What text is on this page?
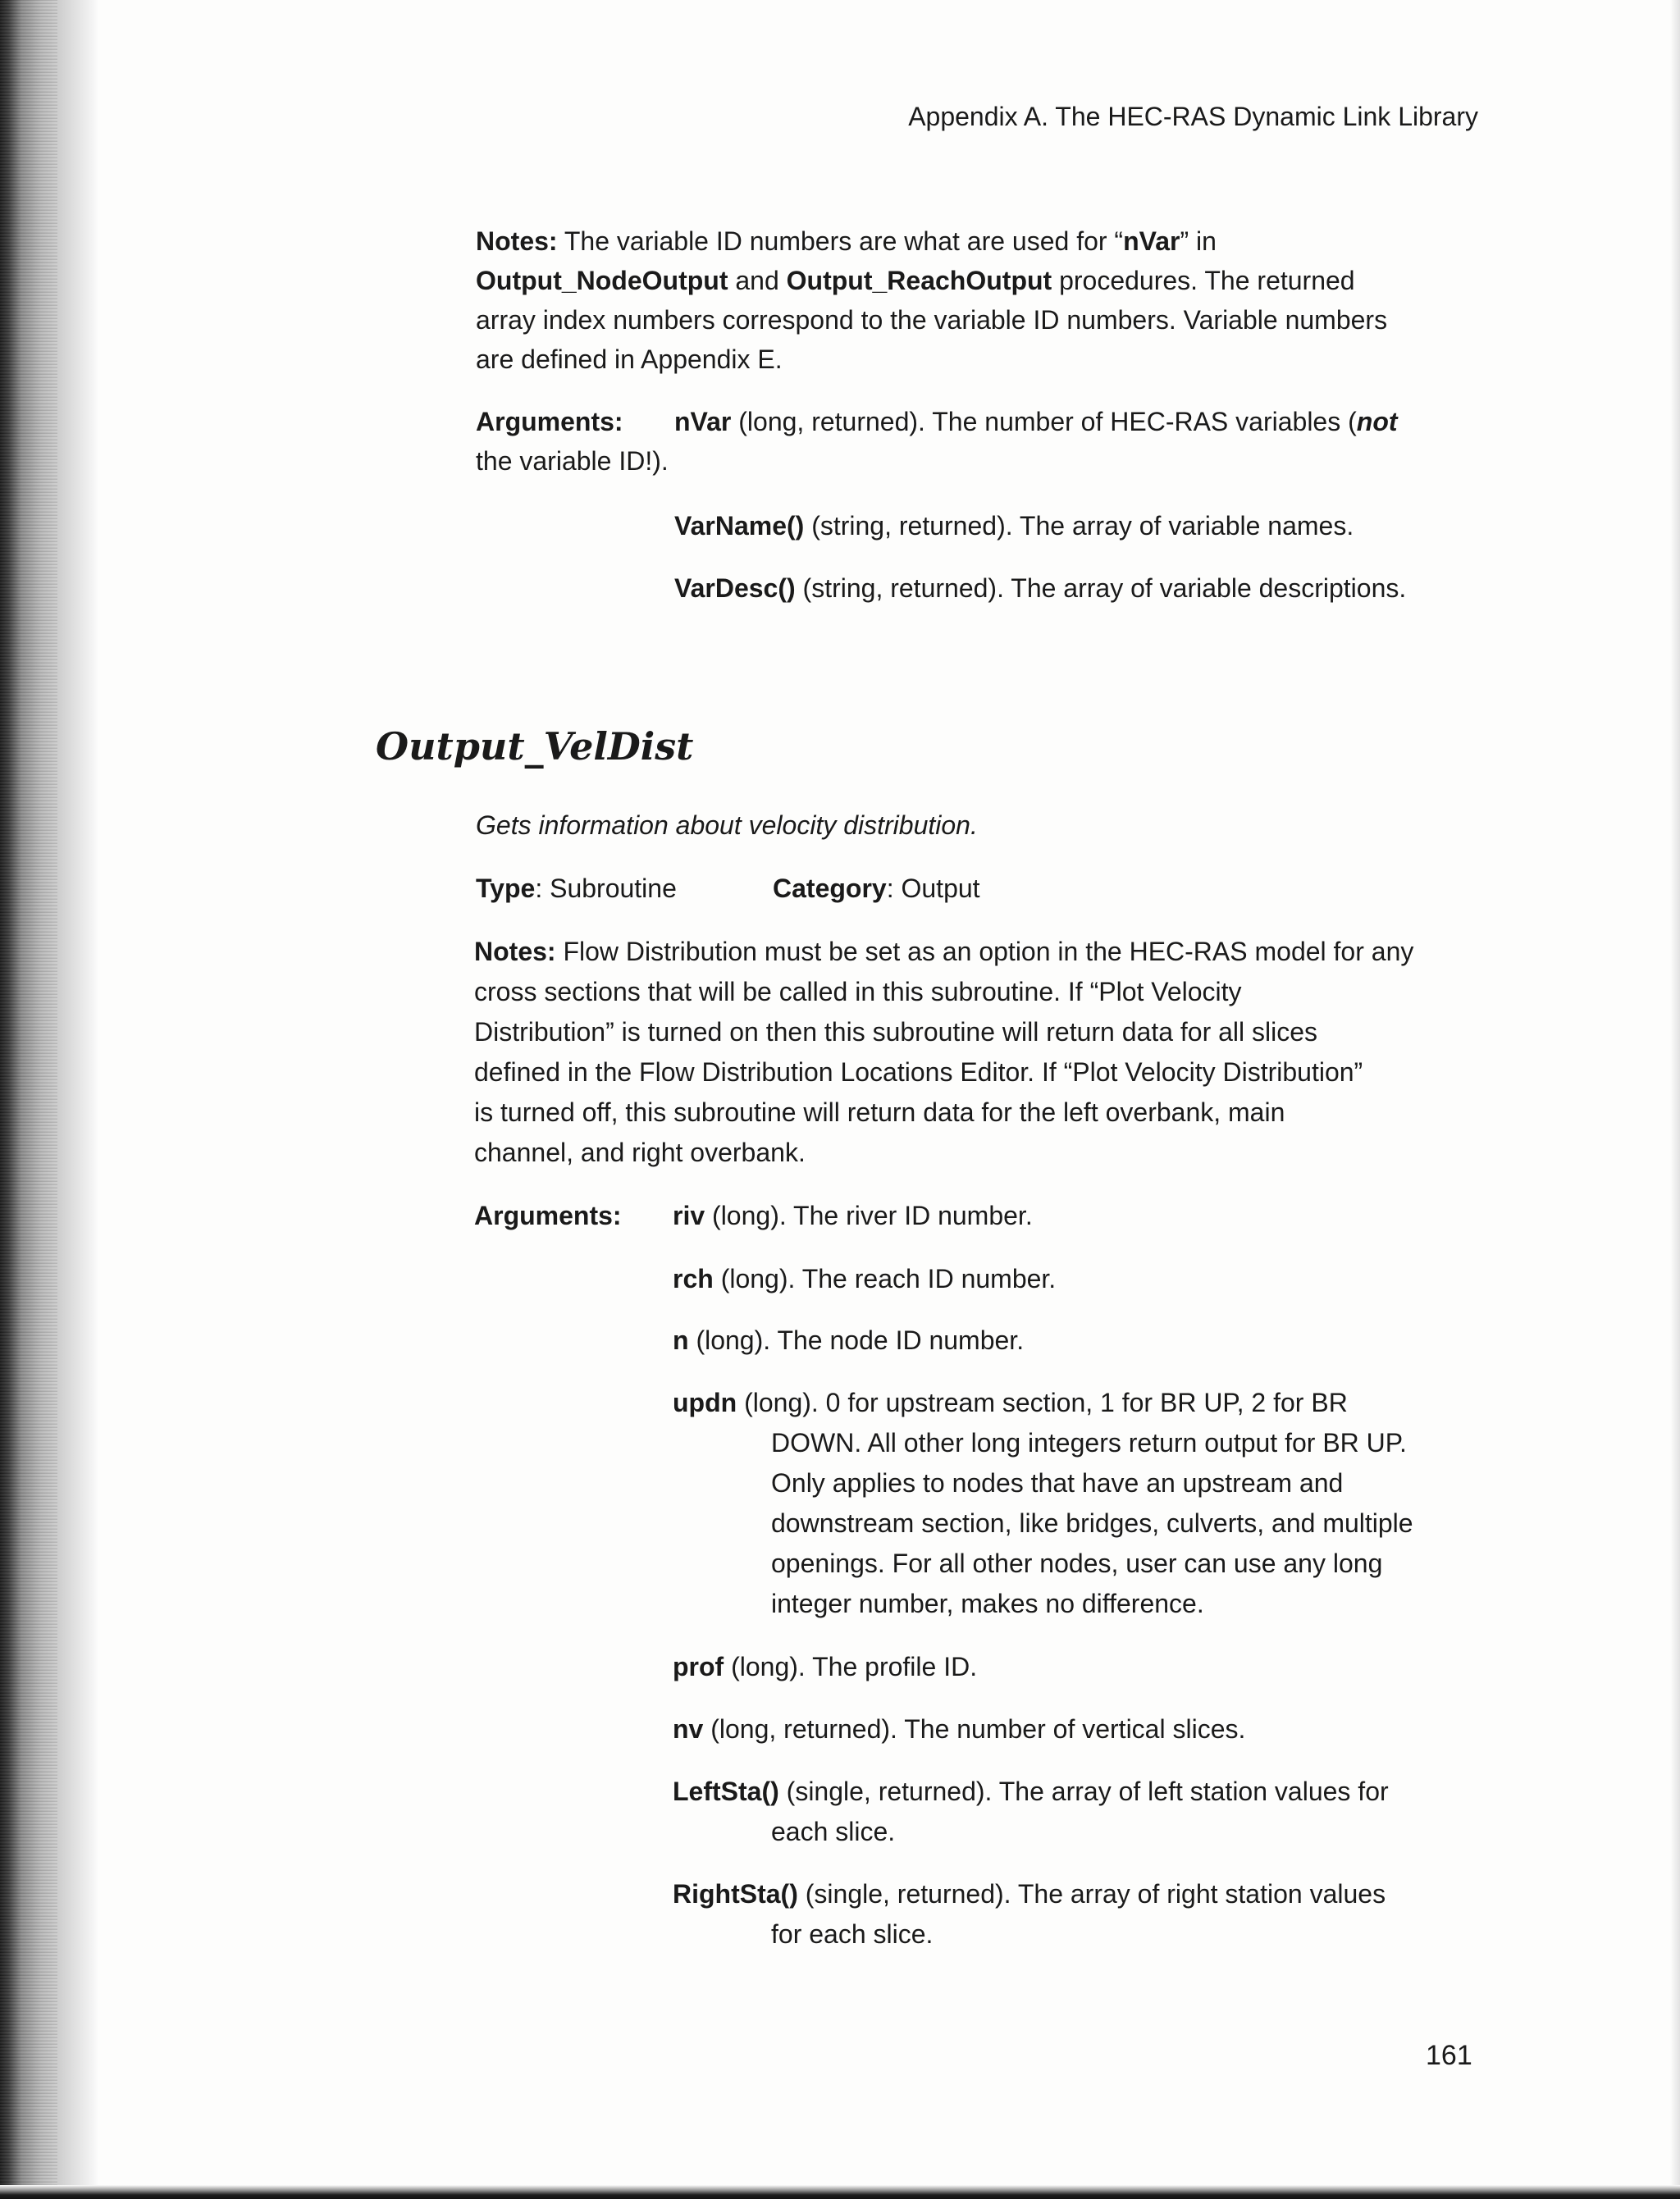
Appendix A. The HEC-RAS Dynamic Link Library
Notes: The variable ID numbers are what are used for “nVar” in
Output_NodeOutput and Output_ReachOutput procedures. The returned
array index numbers correspond to the variable ID numbers. Variable numbers
are defined in Appendix E.
Arguments: nVar (long, returned). The number of HEC-RAS variables (not
the variable ID!).
VarName() (string, returned). The array of variable names.
VarDesc() (string, returned). The array of variable descriptions.
Output_VelDist
Gets information about velocity distribution.
Type: Subroutine	Category: Output
Notes: Flow Distribution must be set as an option in the HEC-RAS model for any
cross sections that will be called in this subroutine. If “Plot Velocity
Distribution” is turned on then this subroutine will return data for all slices
defined in the Flow Distribution Locations Editor. If “Plot Velocity Distribution”
is turned off, this subroutine will return data for the left overbank, main
channel, and right overbank.
Arguments: riv (long). The river ID number.
rch (long). The reach ID number.
n (long). The node ID number.
updn (long). 0 for upstream section, 1 for BR UP, 2 for BR
DOWN. All other long integers return output for BR UP.
Only applies to nodes that have an upstream and
downstream section, like bridges, culverts, and multiple
openings. For all other nodes, user can use any long
integer number, makes no difference.
prof (long). The profile ID.
nv (long, returned). The number of vertical slices.
LeftSta() (single, returned). The array of left station values for
each slice.
RightSta() (single, returned). The array of right station values
for each slice.
161
